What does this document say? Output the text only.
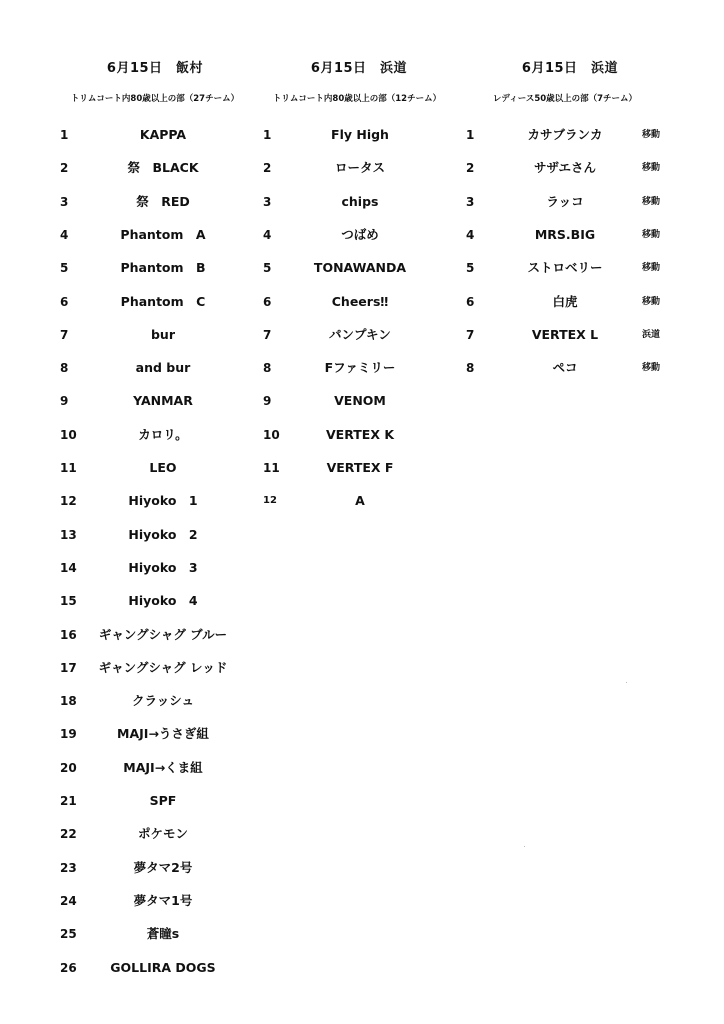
6月15日　飯村
トリムコート内80歳以上の部（27チーム）
1	KAPPA
2	祭　BLACK
3	祭　RED
4	Phantom　A
5	Phantom　B
6	Phantom　C
7	bur
8	and bur
9	YANMAR
10	カロリ。
11	LEO
12	Hiyoko　1
13	Hiyoko　2
14	Hiyoko　3
15	Hiyoko　4
16	ギャングシャグ ブルー
17	ギャングシャグ レッド
18	クラッシュ
19	MAJI→うさぎ組
20	MAJI→くま組
21	SPF
22	ポケモン
23	夢タマ2号
24	夢タマ1号
25	蒼瞳s
26	GOLLIRA DOGS
6月15日　浜道
トリムコート内80歳以上の部（12チーム）
1	Fly High
2	ロータス
3	chips
4	つばめ
5	TONAWANDA
6	Cheers‼
7	パンプキン
8	Fファミリー
9	VENOM
10	VERTEX K
11	VERTEX F
12	A
6月15日　浜道
レディース50歳以上の部（7チーム）
1	カサブランカ	移動
2	サザエさん	移動
3	ラッコ	移動
4	MRS.BIG	移動
5	ストロベリー	移動
6	白虎	移動
7	VERTEX L	浜道
8	ペコ	移動
